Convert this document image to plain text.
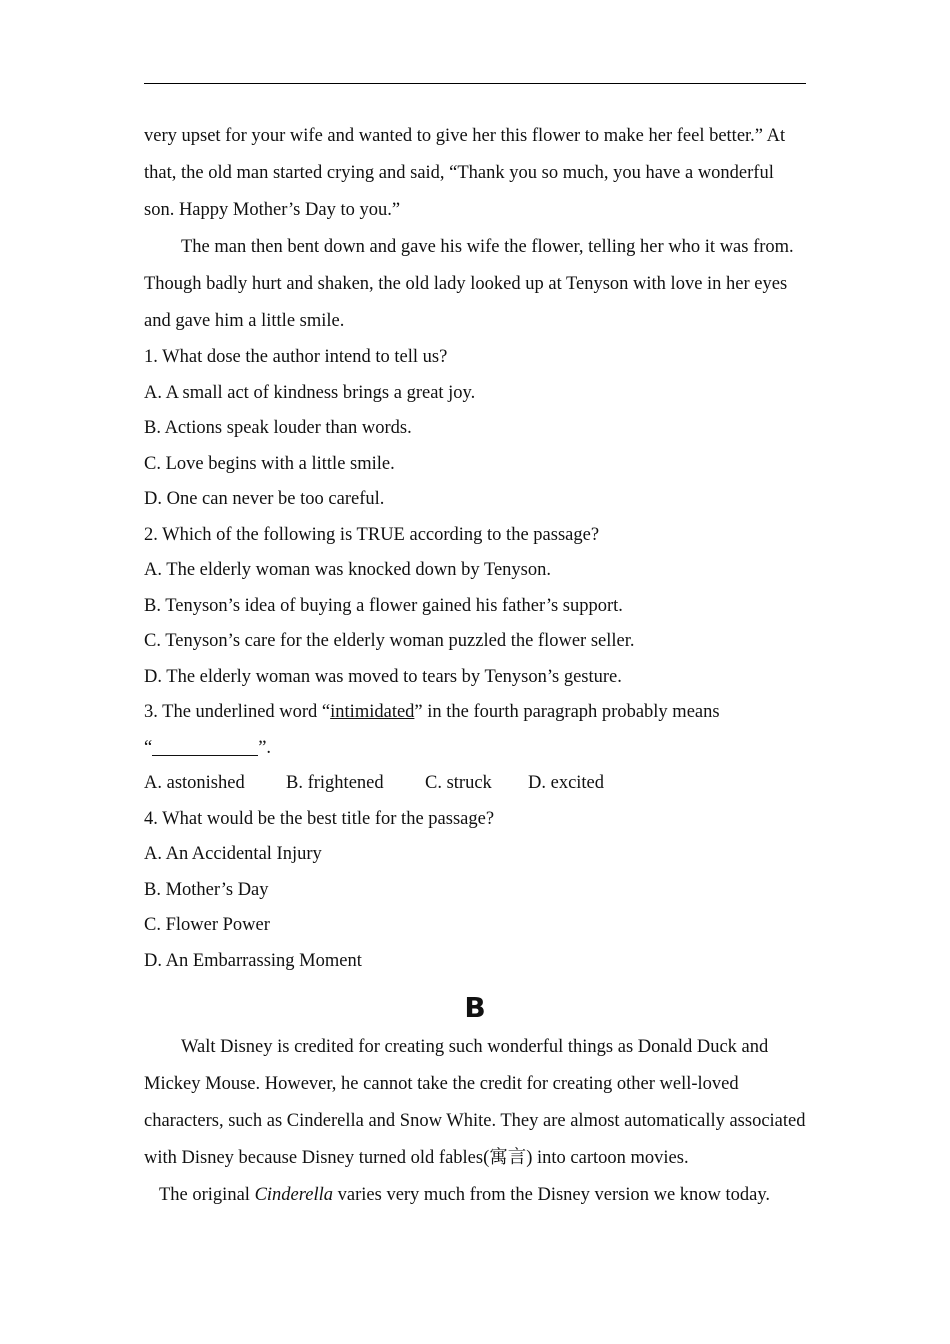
very upset for your wife and wanted to give her this flower to make her feel better.” At that, the old man started crying and said, “Thank you so much, you have a wonderful son. Happy Mother’s Day to you.”

The man then bent down and gave his wife the flower, telling her who it was from. Though badly hurt and shaken, the old lady looked up at Tenyson with love in her eyes and gave him a little smile.

1. What dose the author intend to tell us?

A. A small act of kindness brings a great joy.

B. Actions speak louder than words.

C. Love begins with a little smile.

D. One can never be too careful.

2. Which of the following is TRUE according to the passage?

A. The elderly woman was knocked down by Tenyson.

B. Tenyson’s idea of buying a flower gained his father’s support.

C. Tenyson’s care for the elderly woman puzzled the flower seller.

D. The elderly woman was moved to tears by Tenyson’s gesture.

3. The underlined word “intimidated” in the fourth paragraph probably means

“	”.

A. astonished B. frightened C. struck D. excited

4. What would be the best title for the passage?

A. An Accidental Injury

B. Mother’s Day

C. Flower Power

D. An Embarrassing Moment

B

Walt Disney is credited for creating such wonderful things as Donald Duck and Mickey Mouse. However, he cannot take the credit for creating other well-loved characters, such as Cinderella and Snow White. They are almost automatically associated with Disney because Disney turned old fables(寓言) into cartoon movies.

The original Cinderella varies very much from the Disney version we know today.
